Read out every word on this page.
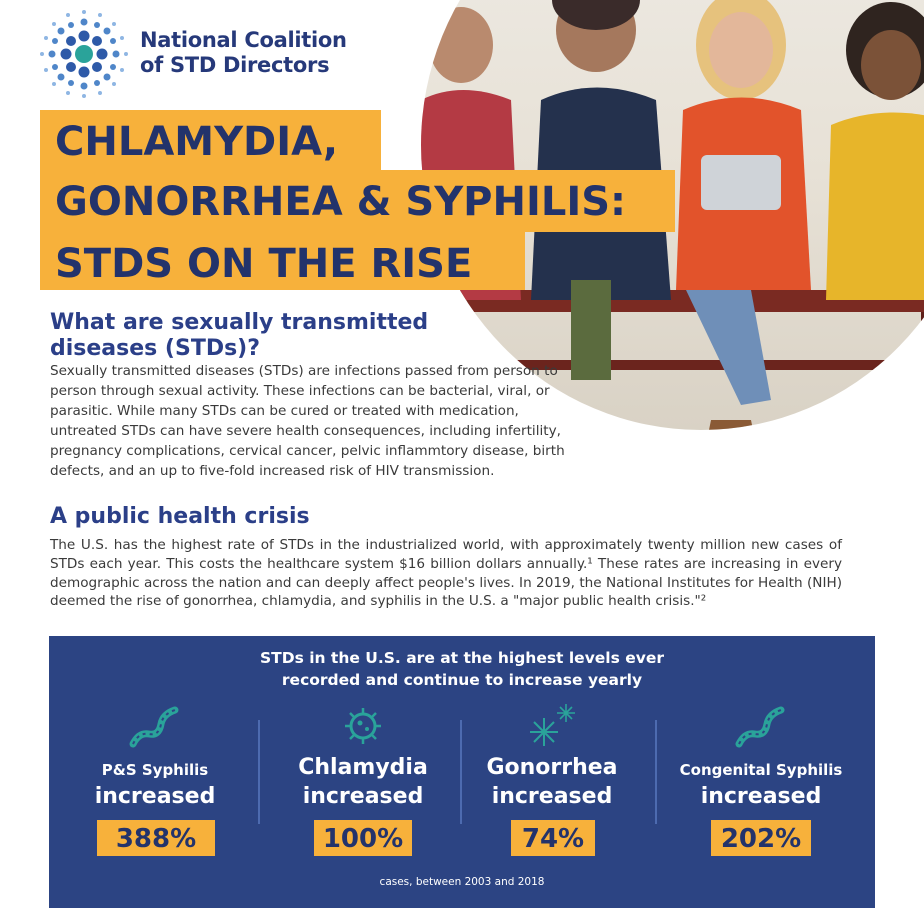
National Coalition
of STD Directors
CHLAMYDIA,
GONORRHEA & SYPHILIS:
STDS ON THE RISE
What are sexually transmitted
diseases (STDs)?

Sexually transmitted diseases (STDs) are infections passed from person to person through sexual activity. These infections can be bacterial, viral, or parasitic. While many STDs can be cured or treated with medication, untreated STDs can have severe health consequences, including infertility, pregnancy complications, cervical cancer, pelvic inflammtory disease, birth defects, and an up to five-fold increased risk of HIV transmission.

A public health crisis

The U.S. has the highest rate of STDs in the industrialized world, with approximately twenty million new cases of STDs each year. This costs the healthcare system $16 billion dollars annually.¹ These rates are increasing in every demographic across the nation and can deeply affect people's lives. In 2019, the National Institutes for Health (NIH) deemed the rise of gonorrhea, chlamydia, and syphilis in the U.S. a "major public health crisis."²

STDs in the U.S. are at the highest levels ever
recorded and continue to increase yearly
P&S Syphilis
increased
388%
Chlamydia
increased
100%
Gonorrhea
increased
74%
Congenital Syphilis
increased
202%
cases, between 2003 and 2018
